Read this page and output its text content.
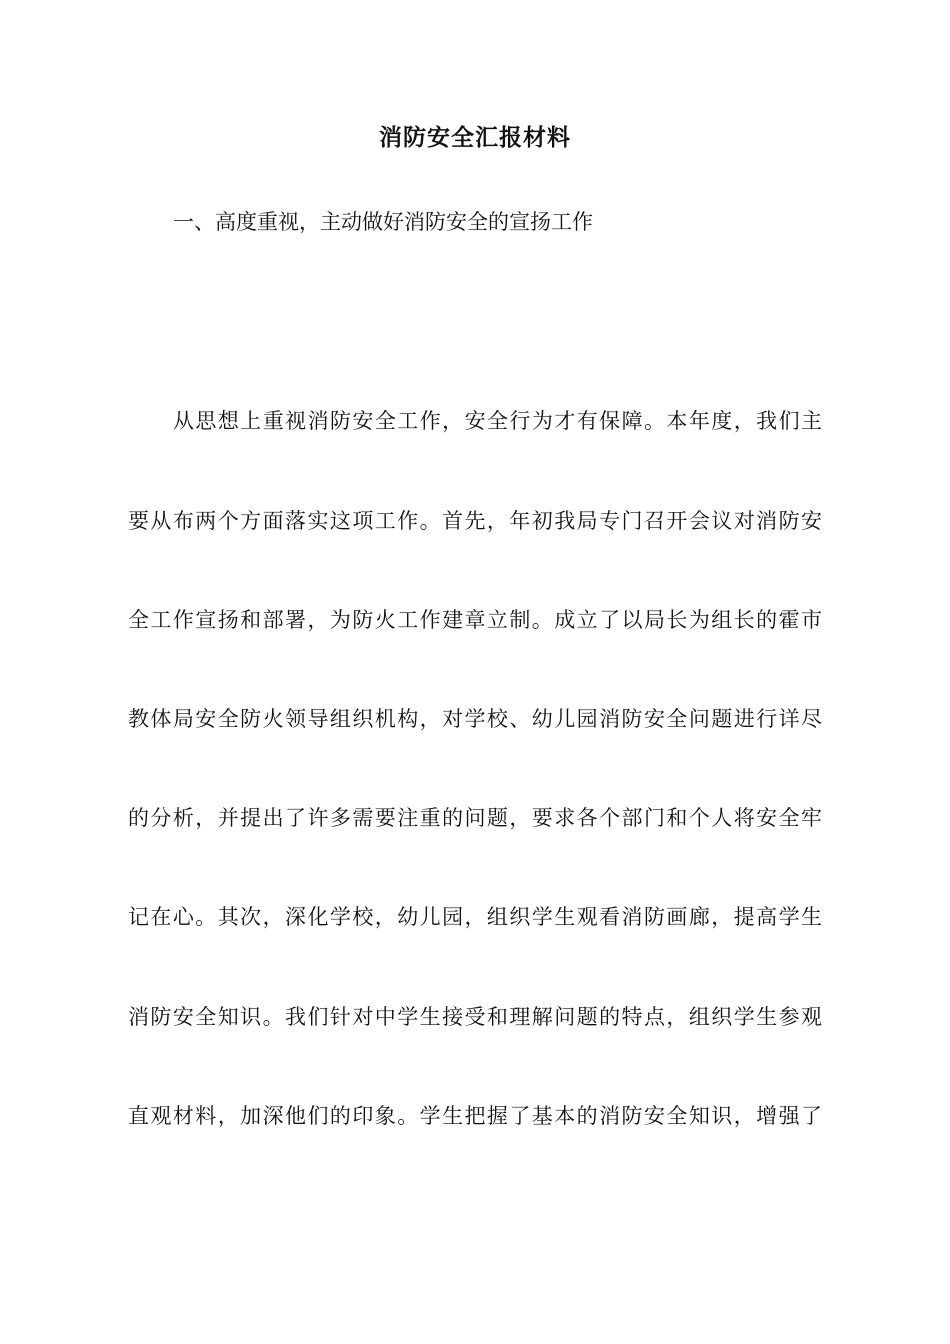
消防安全汇报材料
一、高度重视，主动做好消防安全的宣扬工作
从思想上重视消防安全工作，安全行为才有保障。本年度，我们主
要从布两个方面落实这项工作。首先，年初我局专门召开会议对消防安
全工作宣扬和部署，为防火工作建章立制。成立了以局长为组长的霍市
教体局安全防火领导组织机构，对学校、幼儿园消防安全问题进行详尽
的分析，并提出了许多需要注重的问题，要求各个部门和个人将安全牢
记在心。其次，深化学校，幼儿园，组织学生观看消防画廊，提高学生
消防安全知识。我们针对中学生接受和理解问题的特点，组织学生参观
直观材料，加深他们的印象。学生把握了基本的消防安全知识，增强了
